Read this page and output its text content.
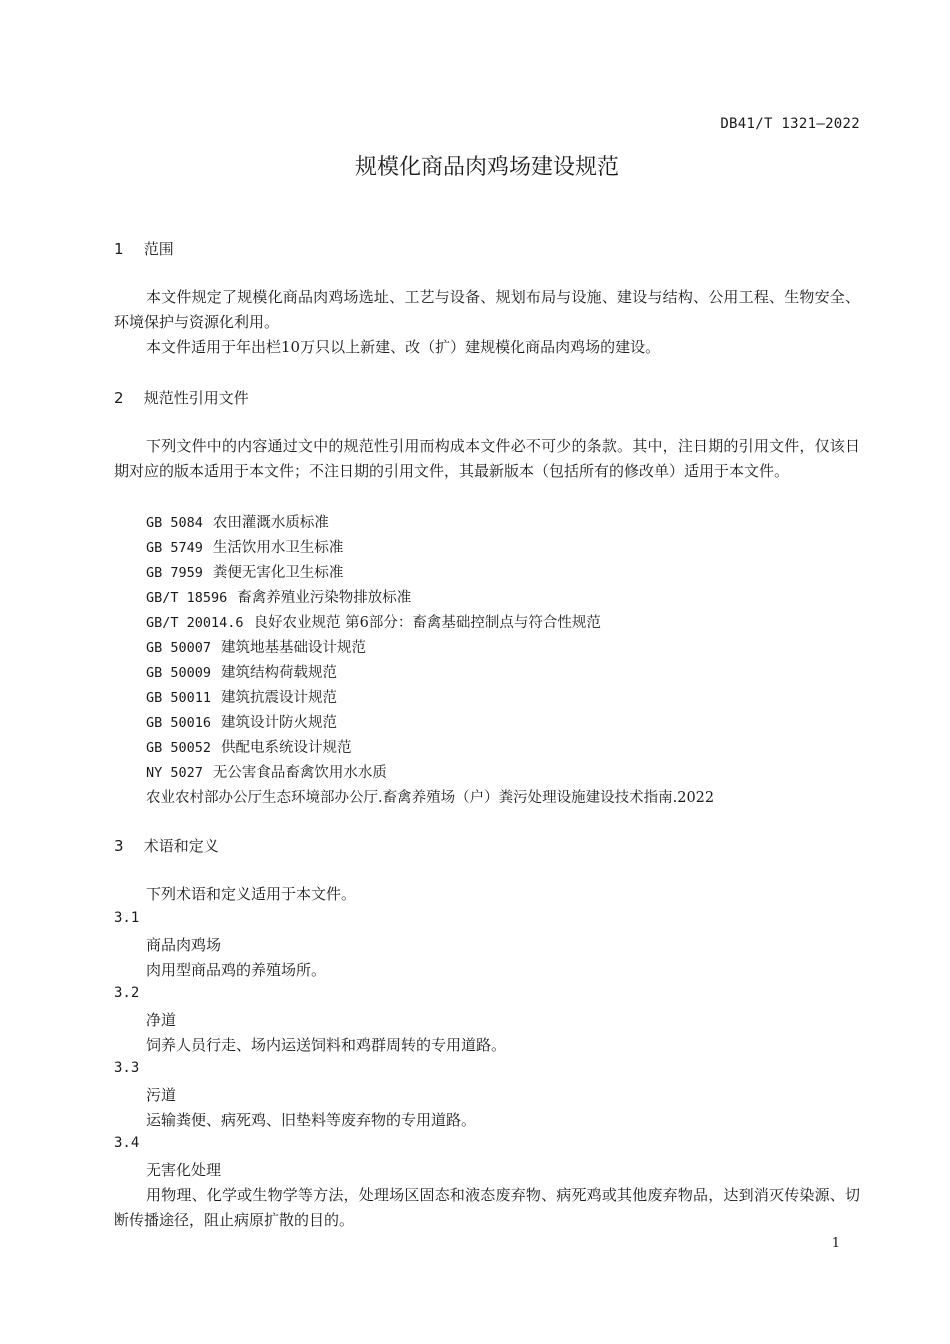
DB41/T 1321—2022
规模化商品肉鸡场建设规范
1 范围
本文件规定了规模化商品肉鸡场选址、工艺与设备、规划布局与设施、建设与结构、公用工程、生物安全、环境保护与资源化利用。
本文件适用于年出栏10万只以上新建、改（扩）建规模化商品肉鸡场的建设。
2 规范性引用文件
下列文件中的内容通过文中的规范性引用而构成本文件必不可少的条款。其中，注日期的引用文件，仅该日期对应的版本适用于本文件；不注日期的引用文件，其最新版本（包括所有的修改单）适用于本文件。
GB 5084 农田灌溉水质标准
GB 5749 生活饮用水卫生标准
GB 7959 粪便无害化卫生标准
GB/T 18596 畜禽养殖业污染物排放标准
GB/T 20014.6 良好农业规范 第6部分：畜禽基础控制点与符合性规范
GB 50007 建筑地基基础设计规范
GB 50009 建筑结构荷载规范
GB 50011 建筑抗震设计规范
GB 50016 建筑设计防火规范
GB 50052 供配电系统设计规范
NY 5027 无公害食品畜禽饮用水水质
农业农村部办公厅生态环境部办公厅.畜禽养殖场（户）粪污处理设施建设技术指南.2022
3 术语和定义
下列术语和定义适用于本文件。
3.1
商品肉鸡场
肉用型商品鸡的养殖场所。
3.2
净道
饲养人员行走、场内运送饲料和鸡群周转的专用道路。
3.3
污道
运输粪便、病死鸡、旧垫料等废弃物的专用道路。
3.4
无害化处理
用物理、化学或生物学等方法，处理场区固态和液态废弃物、病死鸡或其他废弃物品，达到消灭传染源、切断传播途径，阻止病原扩散的目的。
1
